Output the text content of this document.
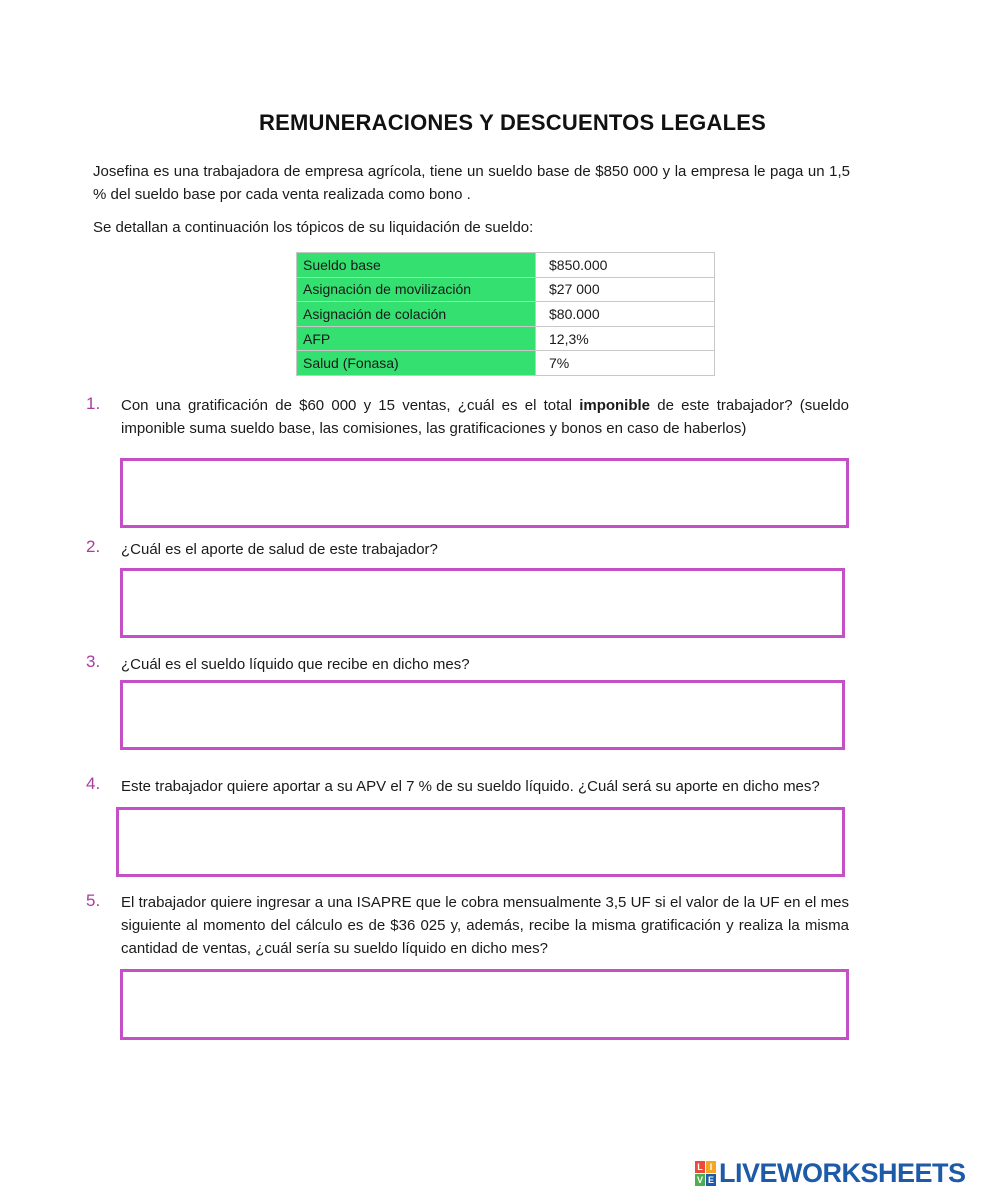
REMUNERACIONES Y DESCUENTOS LEGALES
Josefina es una trabajadora de empresa agrícola, tiene un sueldo base de $850 000 y la empresa le paga un 1,5 % del sueldo base por cada venta realizada como bono .
Se detallan a continuación los tópicos de su liquidación de sueldo:
Sueldo base	$850.000
Asignación de movilización	$27 000
Asignación de colación	$80.000
AFP	12,3%
Salud (Fonasa)	7%
1. Con una gratificación de $60 000 y 15 ventas, ¿cuál es el total imponible de este trabajador? (sueldo imponible suma sueldo base, las comisiones, las gratificaciones y bonos en caso de haberlos)
2. ¿Cuál es el aporte de salud de este trabajador?
3. ¿Cuál es el sueldo líquido que recibe en dicho mes?
4. Este trabajador quiere aportar a su APV el 7 % de su sueldo líquido. ¿Cuál será su aporte en dicho mes?
5. El trabajador quiere ingresar a una ISAPRE que le cobra mensualmente 3,5 UF si el valor de la UF en el mes siguiente al momento del cálculo es de $36 025 y, además, recibe la misma gratificación y realiza la misma cantidad de ventas, ¿cuál sería su sueldo líquido en dicho mes?
L I
V E LIVEWORKSHEETS
